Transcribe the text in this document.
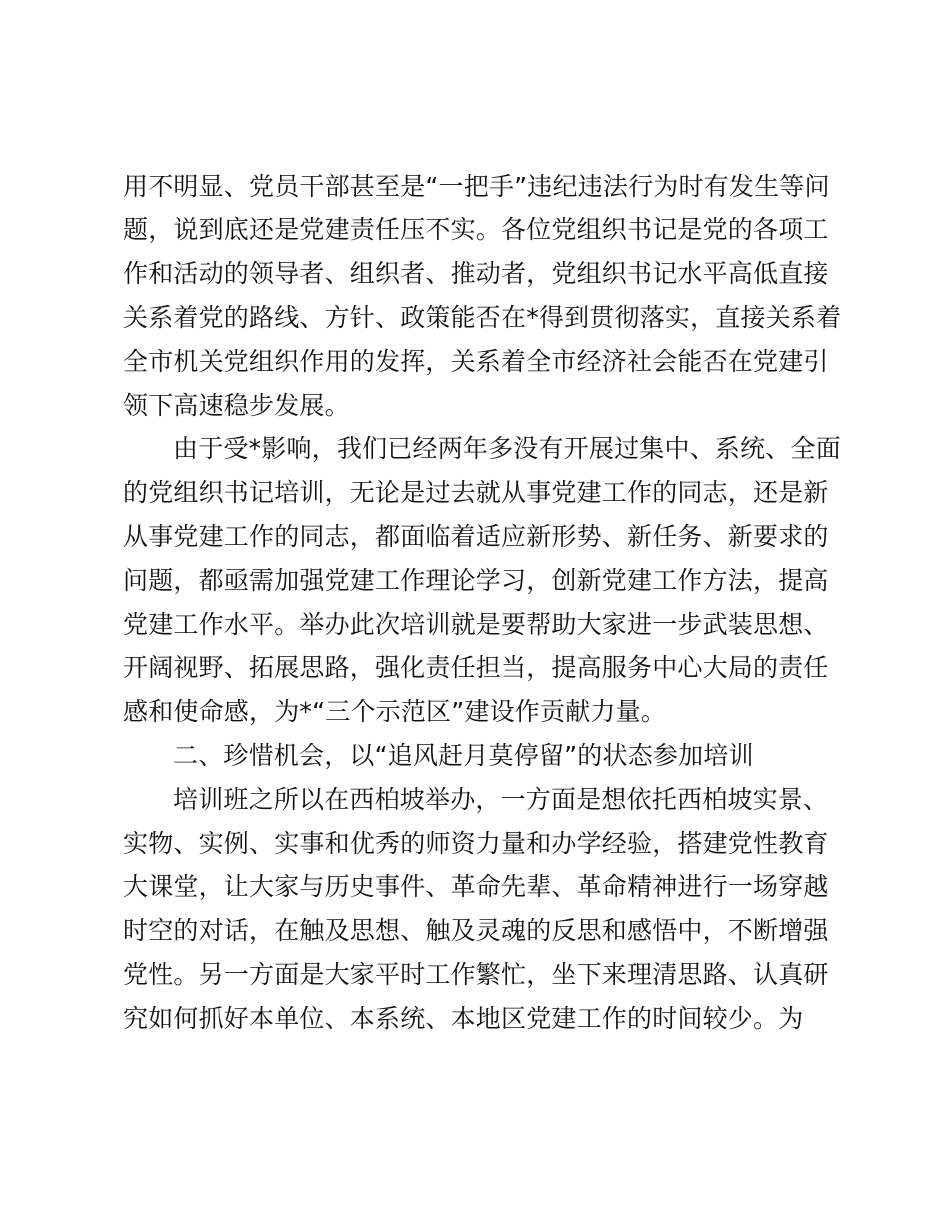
用不明显、党员干部甚至是“一把手”违纪违法行为时有发生等问
题，说到底还是党建责任压不实。各位党组织书记是党的各项工
作和活动的领导者、组织者、推动者，党组织书记水平高低直接
关系着党的路线、方针、政策能否在*得到贯彻落实，直接关系着
全市机关党组织作用的发挥，关系着全市经济社会能否在党建引
领下高速稳步发展。
由于受*影响，我们已经两年多没有开展过集中、系统、全面
的党组织书记培训，无论是过去就从事党建工作的同志，还是新
从事党建工作的同志，都面临着适应新形势、新任务、新要求的
问题，都亟需加强党建工作理论学习，创新党建工作方法，提高
党建工作水平。举办此次培训就是要帮助大家进一步武装思想、
开阔视野、拓展思路，强化责任担当，提高服务中心大局的责任
感和使命感，为*“三个示范区”建设作贡献力量。
二、珍惜机会，以“追风赶月莫停留”的状态参加培训
培训班之所以在西柏坡举办，一方面是想依托西柏坡实景、
实物、实例、实事和优秀的师资力量和办学经验，搭建党性教育
大课堂，让大家与历史事件、革命先辈、革命精神进行一场穿越
时空的对话，在触及思想、触及灵魂的反思和感悟中，不断增强
党性。另一方面是大家平时工作繁忙，坐下来理清思路、认真研
究如何抓好本单位、本系统、本地区党建工作的时间较少。为
